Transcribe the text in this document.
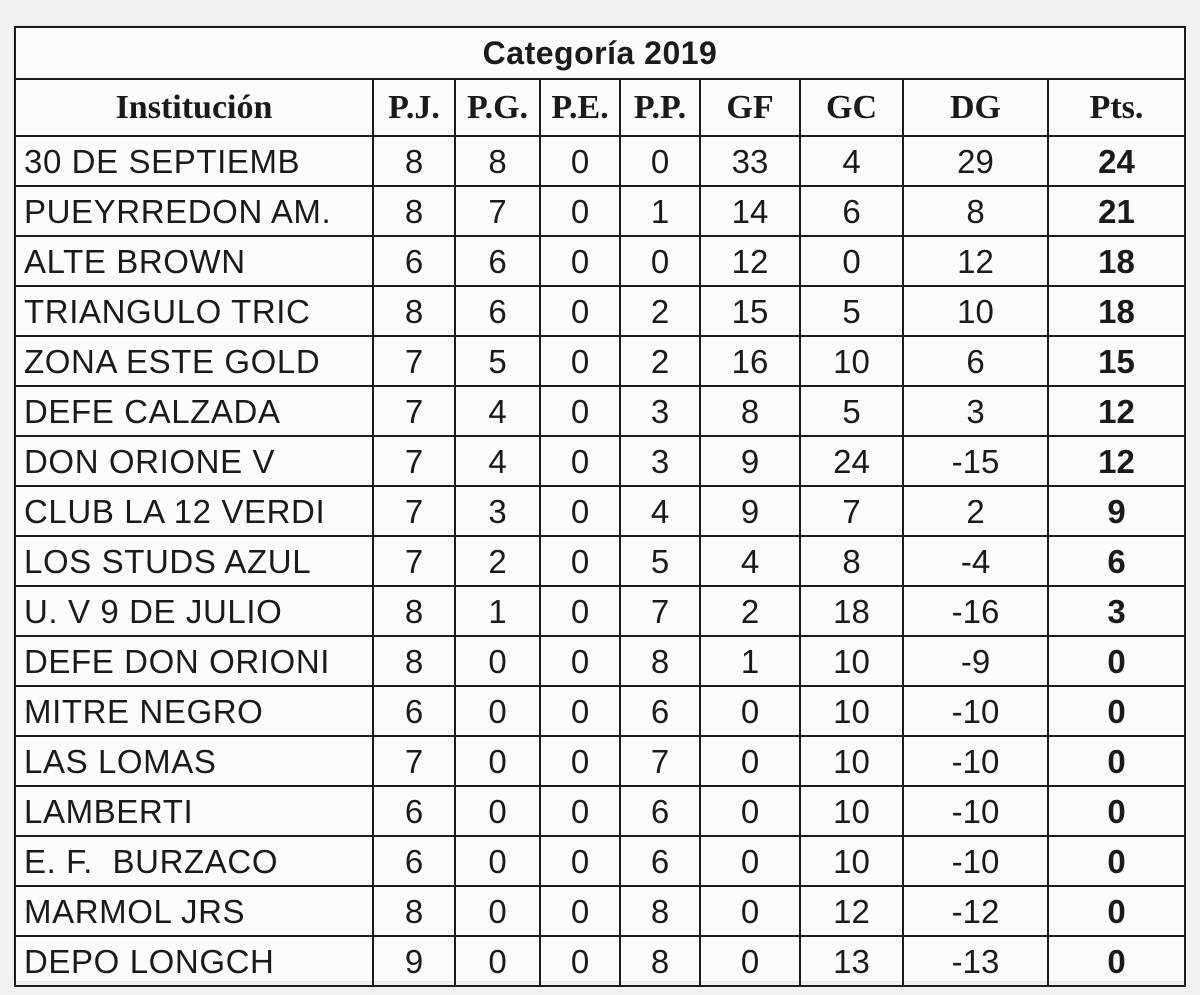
Categoría 2019								
Institución	P.J.	P.G.	P.E.	P.P.	GF	GC	DG	Pts.
30 DE SEPTIEMB	8	8	0	0	33	4	29	24
PUEYRREDON AM.	8	7	0	1	14	6	8	21
ALTE BROWN	6	6	0	0	12	0	12	18
TRIANGULO TRIC	8	6	0	2	15	5	10	18
ZONA ESTE GOLD	7	5	0	2	16	10	6	15
DEFE CALZADA	7	4	0	3	8	5	3	12
DON ORIONE V	7	4	0	3	9	24	-15	12
CLUB LA 12 VERDI	7	3	0	4	9	7	2	9
LOS STUDS AZUL	7	2	0	5	4	8	-4	6
U. V 9 DE JULIO	8	1	0	7	2	18	-16	3
DEFE DON ORIONI	8	0	0	8	1	10	-9	0
MITRE NEGRO	6	0	0	6	0	10	-10	0
LAS LOMAS	7	0	0	7	0	10	-10	0
LAMBERTI	6	0	0	6	0	10	-10	0
E. F.  BURZACO	6	0	0	6	0	10	-10	0
MARMOL JRS	8	0	0	8	0	12	-12	0
DEPO LONGCH	9	0	0	8	0	13	-13	0
